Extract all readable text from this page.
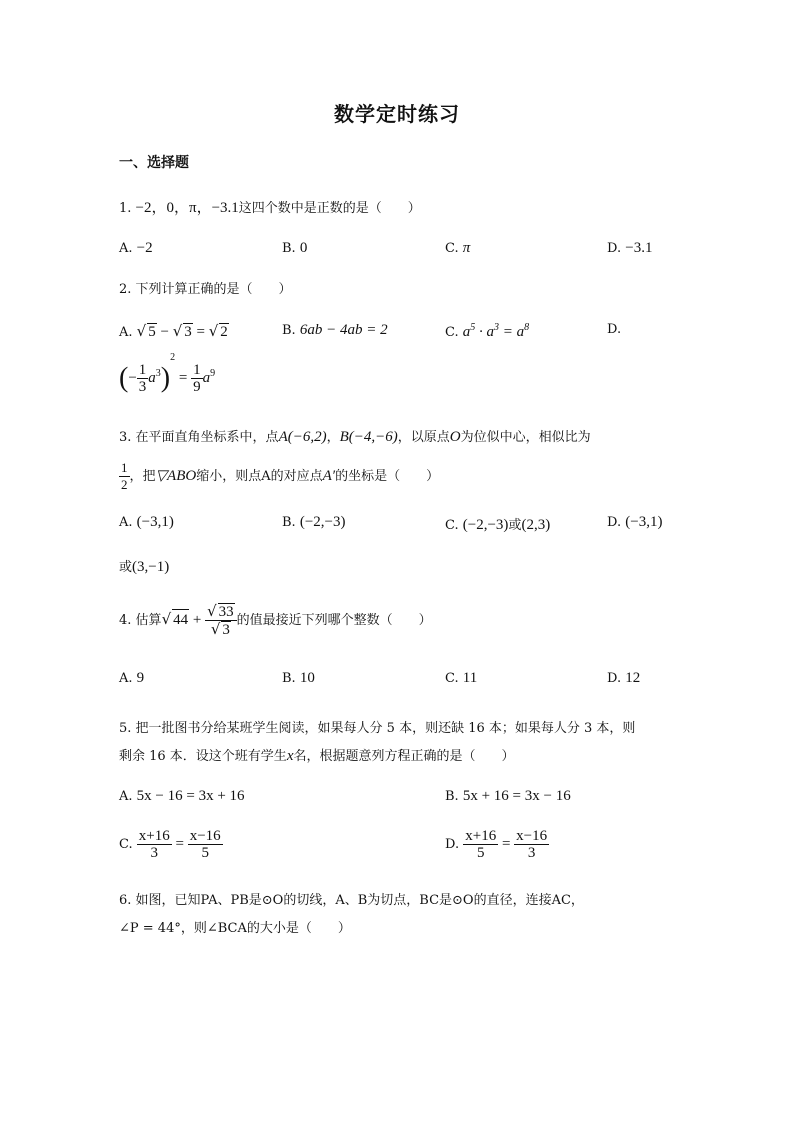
数学定时练习
一、选择题
1. −2，0，π，−3.1这四个数中是正数的是（　　）
A. −2	B. 0	C. π	D. −3.1
2. 下列计算正确的是（　　）
A. √ 5 − √ 3 = √ 2	B. 6ab − 4ab = 2	C. $a^5 \cdot a^3 = a^8$	D.
(− $\frac{1}{3} a^3)^2 = \frac{1}{9} a^9$
3. 在平面直角坐标系中，点A(−6,2)，B(−4,−6)，以原点O为位似中心，相似比为
$\frac{1}{2}$ ，把▽ABO缩小，则点A的对应点A′的坐标是（　　）
A. (−3,1)	B. (−2,−3)	C. (−2,−3)或(2,3)	D. (−3,1)
或(3,−1)
4. 估算√ $44 + \frac{√ 33}{√ 3}$ 的值最接近下列哪个整数（　　）
A. 9	B. 10	C. 11	D. 12
5. 把一批图书分给某班学生阅读，如果每人分 5 本，则还缺 16 本；如果每人分 3 本，则
剩余 16 本．设这个班有学生x名，根据题意列方程正确的是（　　）
A. 5x − 16 = 3x + 16	B. 5x + 16 = 3x − 16
C. $\frac{x+16}{3} = \frac{x-16}{5}$	D. $\frac{x+16}{5} = \frac{x-16}{3}$
6. 如图，已知PA、PB是⊙O的切线，A、B为切点，BC是⊙O的直径，连接AC，
∠P = 44°，则∠BCA的大小是（　　）
